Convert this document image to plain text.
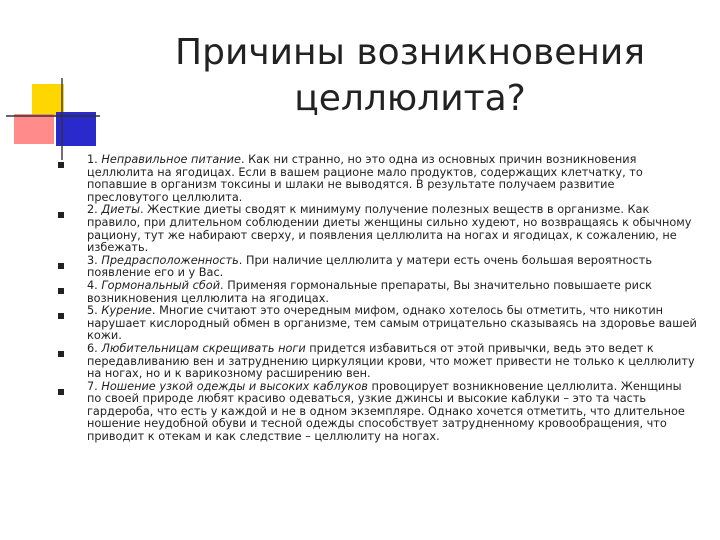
Причины возникновения
целлюлита?
1. Неправильное питание. Как ни странно, но это одна из основных причин возникновения целлюлита на ягодицах. Если в вашем рационе мало продуктов, содержащих клетчатку, то попавшие в организм токсины и шлаки не выводятся. В результате получаем развитие пресловутого целлюлита.
2. Диеты. Жесткие диеты сводят к минимуму получение полезных веществ в организме. Как правило, при длительном соблюдении диеты женщины сильно худеют, но возвращаясь к обычному рациону, тут же набирают сверху, и появления целлюлита на ногах и ягодицах, к сожалению, не избежать.
3. Предрасположенность. При наличие целлюлита у матери есть очень большая вероятность появление его и у Вас.
4. Гормональный сбой. Применяя гормональные препараты, Вы значительно повышаете риск возникновения целлюлита на ягодицах.
5. Курение. Многие считают это очередным мифом, однако хотелось бы отметить, что никотин нарушает кислородный обмен в организме, тем самым отрицательно сказываясь на здоровье вашей кожи.
6. Любительницам скрещивать ноги придется избавиться от этой привычки, ведь это ведет к передавливанию вен и затруднению циркуляции крови, что может привести не только к целлюлиту на ногах, но и к варикозному расширению вен.
7. Ношение узкой одежды и высоких каблуков провоцирует возникновение целлюлита. Женщины по своей природе любят красиво одеваться, узкие джинсы и высокие каблуки – это та часть гардероба, что есть у каждой и не в одном экземпляре. Однако хочется отметить, что длительное ношение неудобной обуви и тесной одежды способствует затрудненному кровообращения, что приводит к отекам и как следствие – целлюлиту на ногах.
